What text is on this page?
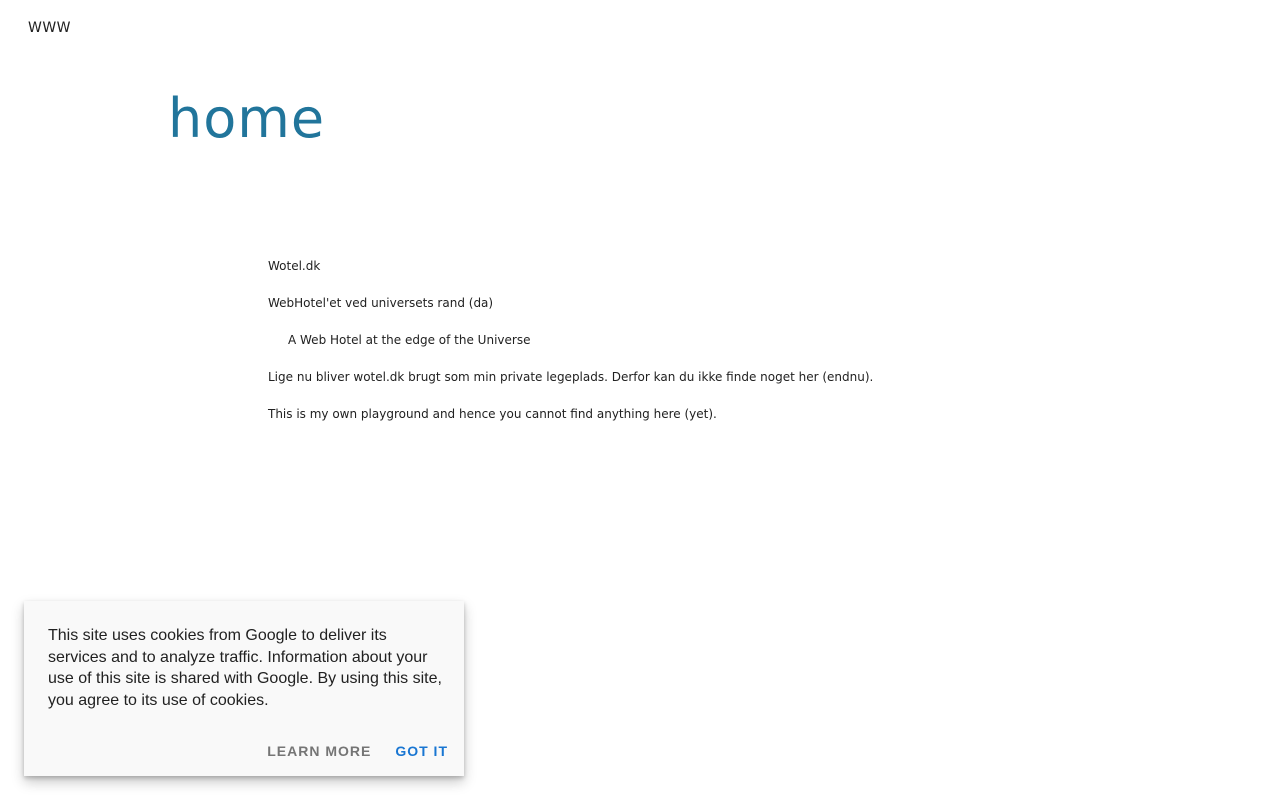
WWW
home

Wotel.dk

WebHotel'et ved universets rand (da)

A Web Hotel at the edge of the Universe

Lige nu bliver wotel.dk brugt som min private legeplads. Derfor kan du ikke finde noget her (endnu).

This is my own playground and hence you cannot find anything here (yet).

This site uses cookies from Google to deliver its services and to analyze traffic. Information about your use of this site is shared with Google. By using this site, you agree to its use of cookies.
LEARN MORE GOT IT
